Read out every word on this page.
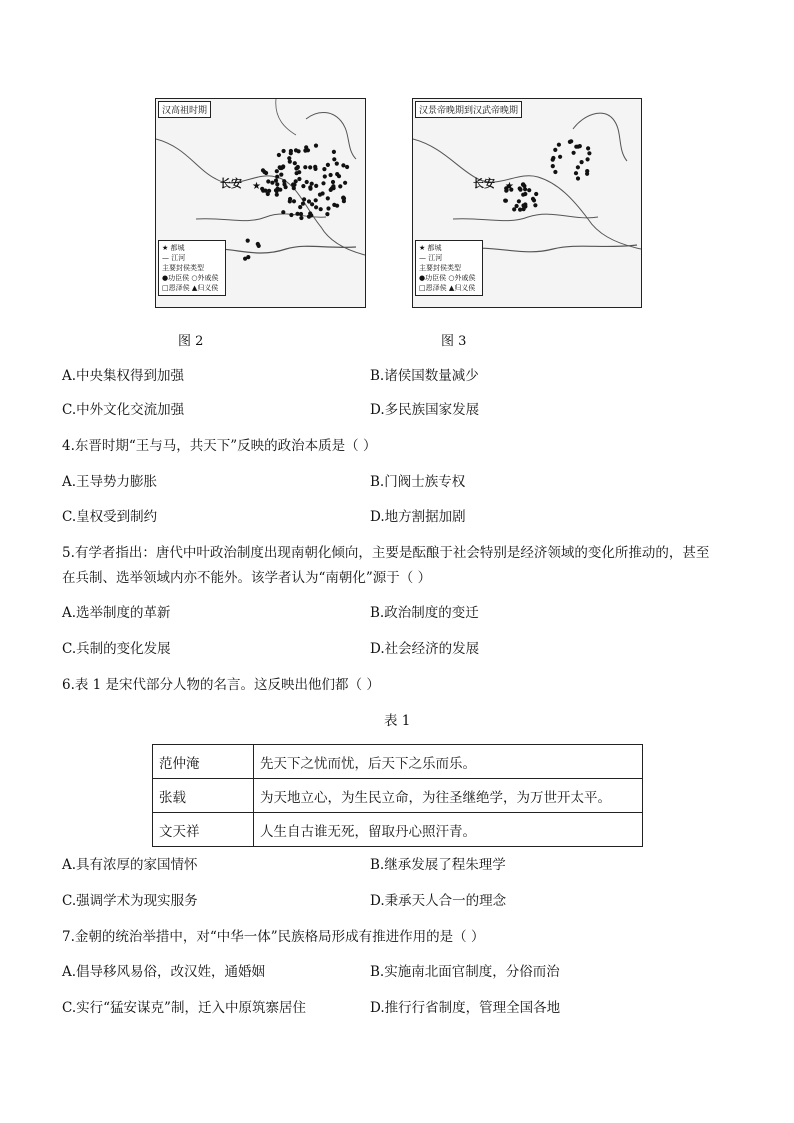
★
汉高祖时期
长安
★ 都城
— 江河
主要封侯类型
●功臣侯 ○外戚侯
□恩泽侯 ▲归义侯
★
汉景帝晚期到汉武帝晚期
长安
★ 都城
— 江河
主要封侯类型
●功臣侯 ○外戚侯
□恩泽侯 ▲归义侯
图 2	图 3
A.中央集权得到加强	B.诸侯国数量减少
C.中外文化交流加强	D.多民族国家发展
4.东晋时期“王与马，共天下”反映的政治本质是（ ）
A.王导势力膨胀	B.门阀士族专权
C.皇权受到制约	D.地方割据加剧
5.有学者指出：唐代中叶政治制度出现南朝化倾向，主要是酝酿于社会特别是经济领域的变化所推动的，甚至
在兵制、选举领域内亦不能外。该学者认为“南朝化”源于（ ）
A.选举制度的革新	B.政治制度的变迁
C.兵制的变化发展	D.社会经济的发展
6.表 1 是宋代部分人物的名言。这反映出他们都（ ）
表 1
范仲淹	先天下之忧而忧，后天下之乐而乐。
张载	为天地立心，为生民立命，为往圣继绝学，为万世开太平。
文天祥	人生自古谁无死，留取丹心照汗青。
A.具有浓厚的家国情怀	B.继承发展了程朱理学
C.强调学术为现实服务	D.秉承天人合一的理念
7.金朝的统治举措中，对“中华一体”民族格局形成有推进作用的是（ ）
A.倡导移风易俗，改汉姓，通婚姻	B.实施南北面官制度，分俗而治
C.实行“猛安谋克”制，迁入中原筑寨居住	D.推行行省制度，管理全国各地
